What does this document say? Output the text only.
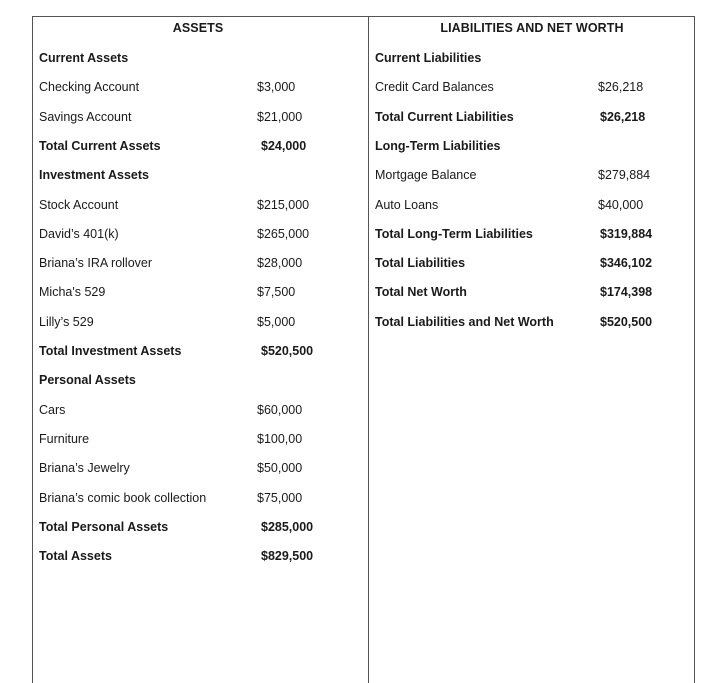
ASSETS
Current Assets
Checking Account	$3,000
Savings Account	$21,000
Total Current Assets	$24,000
Investment Assets
Stock Account	$215,000
David’s 401(k)	$265,000
Briana’s IRA rollover	$28,000
Micha's 529	$7,500
Lilly’s 529	$5,000
Total Investment Assets	$520,500
Personal Assets
Cars	$60,000
Furniture	$100,00
Briana’s Jewelry	$50,000
Briana’s comic book collection	$75,000
Total Personal Assets	$285,000
Total Assets	$829,500
LIABILITIES AND NET WORTH
Current Liabilities
Credit Card Balances	$26,218
Total Current Liabilities	$26,218
Long-Term Liabilities
Mortgage Balance	$279,884
Auto Loans	$40,000
Total Long-Term Liabilities	$319,884
Total Liabilities	$346,102
Total Net Worth	$174,398
Total Liabilities and Net Worth	$520,500
